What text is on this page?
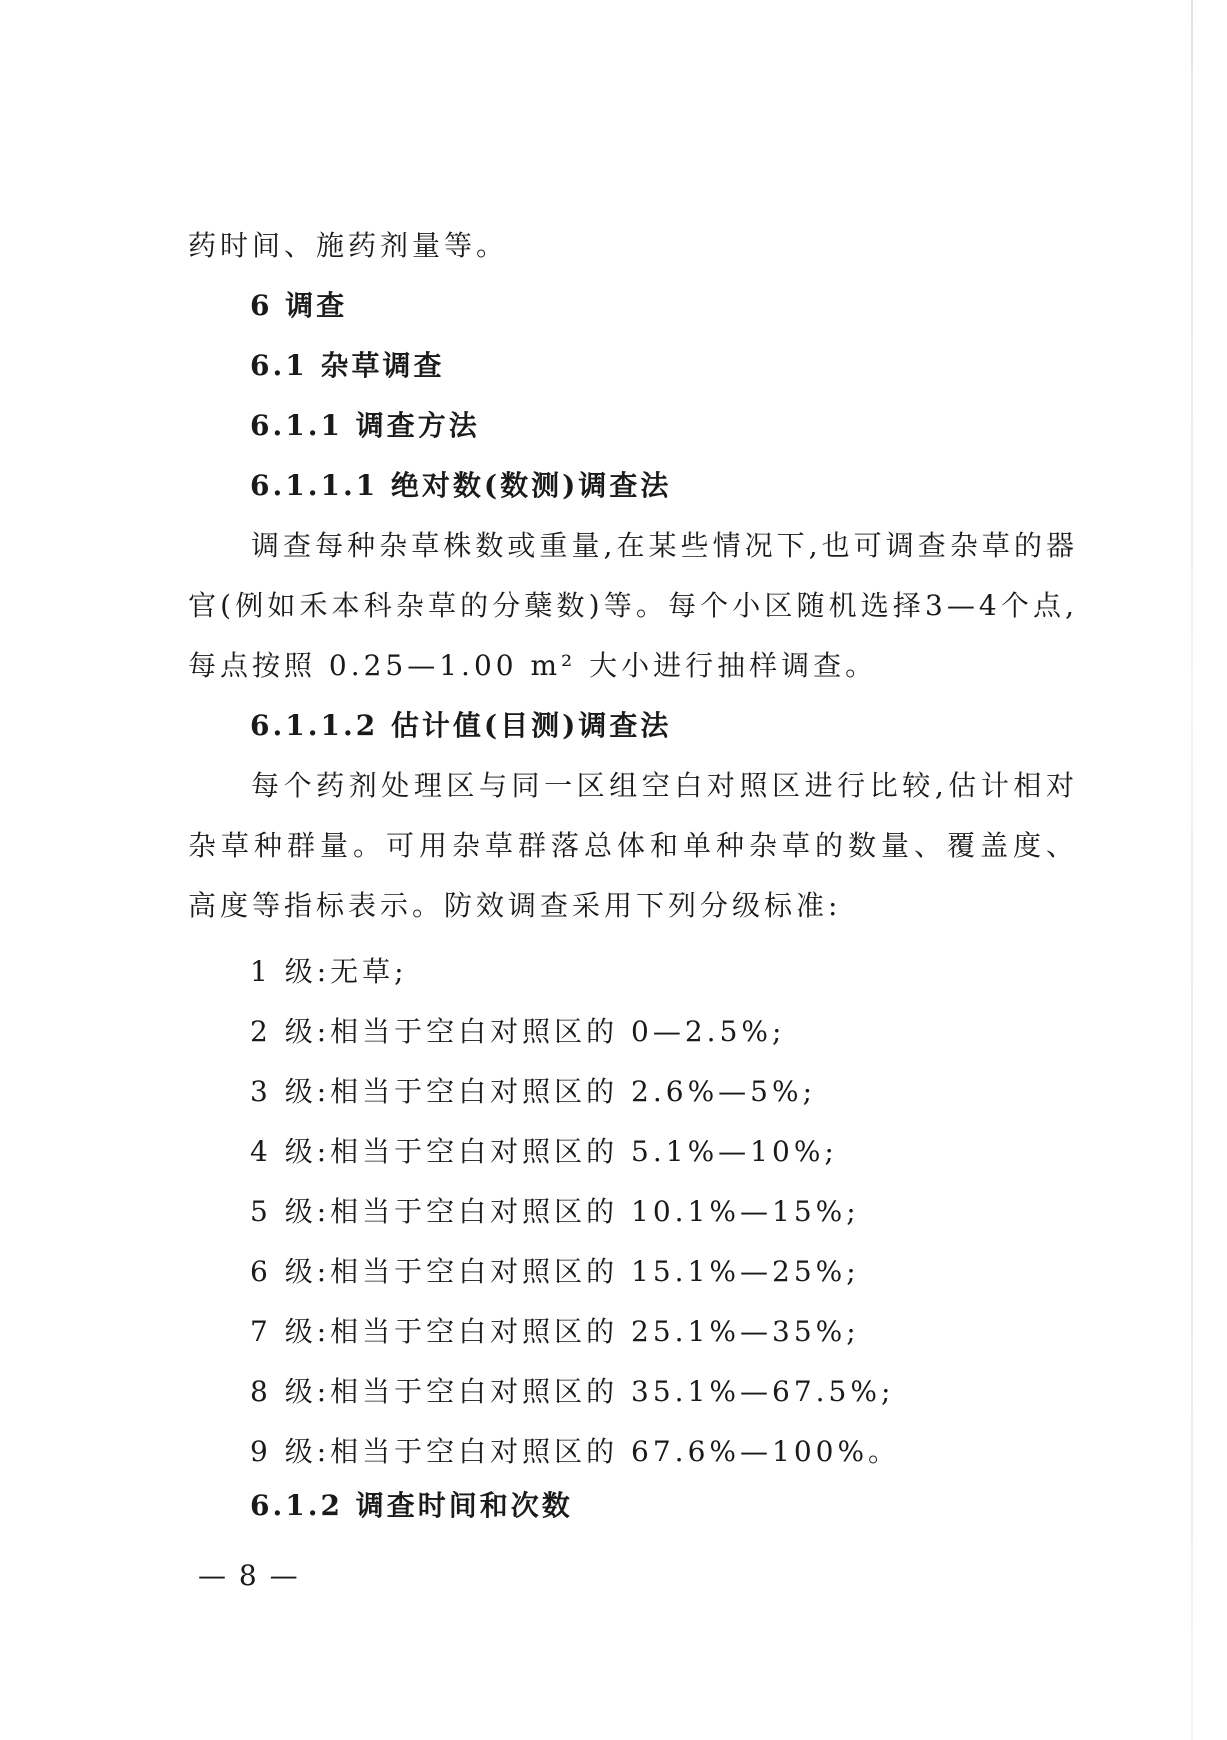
药时间、施药剂量等。
6 调查
6.1 杂草调查
6.1.1 调查方法
6.1.1.1 绝对数(数测)调查法

调查每种杂草株数或重量,在某些情况下,也可调查杂草的器官(例如禾本科杂草的分蘖数)等。每个小区随机选择3—4个点,每点按照 0.25—1.00 m² 大小进行抽样调查。

6.1.1.2 估计值(目测)调查法

每个药剂处理区与同一区组空白对照区进行比较,估计相对杂草种群量。可用杂草群落总体和单种杂草的数量、覆盖度、高度等指标表示。防效调查采用下列分级标准:

1 级:无草;
2 级:相当于空白对照区的 0—2.5%;
3 级:相当于空白对照区的 2.6%—5%;
4 级:相当于空白对照区的 5.1%—10%;
5 级:相当于空白对照区的 10.1%—15%;
6 级:相当于空白对照区的 15.1%—25%;
7 级:相当于空白对照区的 25.1%—35%;
8 级:相当于空白对照区的 35.1%—67.5%;
9 级:相当于空白对照区的 67.6%—100%。
6.1.2 调查时间和次数
— 8 —
